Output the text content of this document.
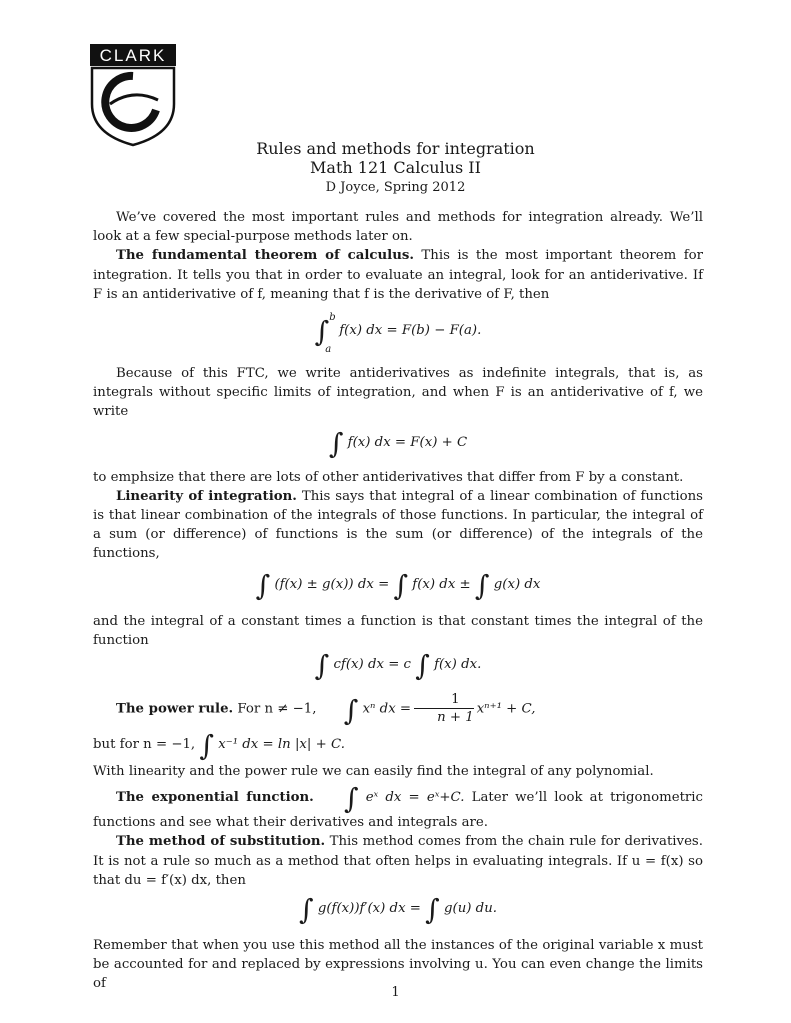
CLARK
Rules and methods for integration
Math 121 Calculus II
D Joyce, Spring 2012

We’ve covered the most important rules and methods for integration already. We’ll look at a few special-purpose methods later on.

The fundamental theorem of calculus. This is the most important theorem for integration. It tells you that in order to evaluate an integral, look for an antiderivative. If F is an antiderivative of f, meaning that f is the derivative of F, then

∫ b
a
f(x) dx = F(b) − F(a).

Because of this FTC, we write antiderivatives as indefinite integrals, that is, as integrals without specific limits of integration, and when F is an antiderivative of f, we write

∫ f(x) dx = F(x) + C

to emphsize that there are lots of other antiderivatives that differ from F by a constant.

Linearity of integration. This says that integral of a linear combination of functions is that linear combination of the integrals of those functions. In particular, the integral of a sum (or difference) of functions is the sum (or difference) of the integrals of the functions,

∫ (f(x) ± g(x)) dx = ∫ f(x) dx ± ∫ g(x) dx

and the integral of a constant times a function is that constant times the integral of the function

∫ cf(x) dx = c ∫ f(x) dx.

The power rule. For n ≠ −1, ∫ xⁿ dx = $\frac{1}{n + 1} x^{n+1} + C$,

but for n = −1, ∫ x⁻¹ dx = ln |x| + C.

With linearity and the power rule we can easily find the integral of any polynomial.

The exponential function. ∫ eˣ dx = eˣ+C. Later we’ll look at trigonometric functions and see what their derivatives and integrals are.

The method of substitution. This method comes from the chain rule for derivatives. It is not a rule so much as a method that often helps in evaluating integrals. If u = f(x) so that du = f′(x) dx, then

∫ g(f(x))f′(x) dx = ∫ g(u) du.

Remember that when you use this method all the instances of the original variable x must be accounted for and replaced by expressions involving u. You can even change the limits of

1
